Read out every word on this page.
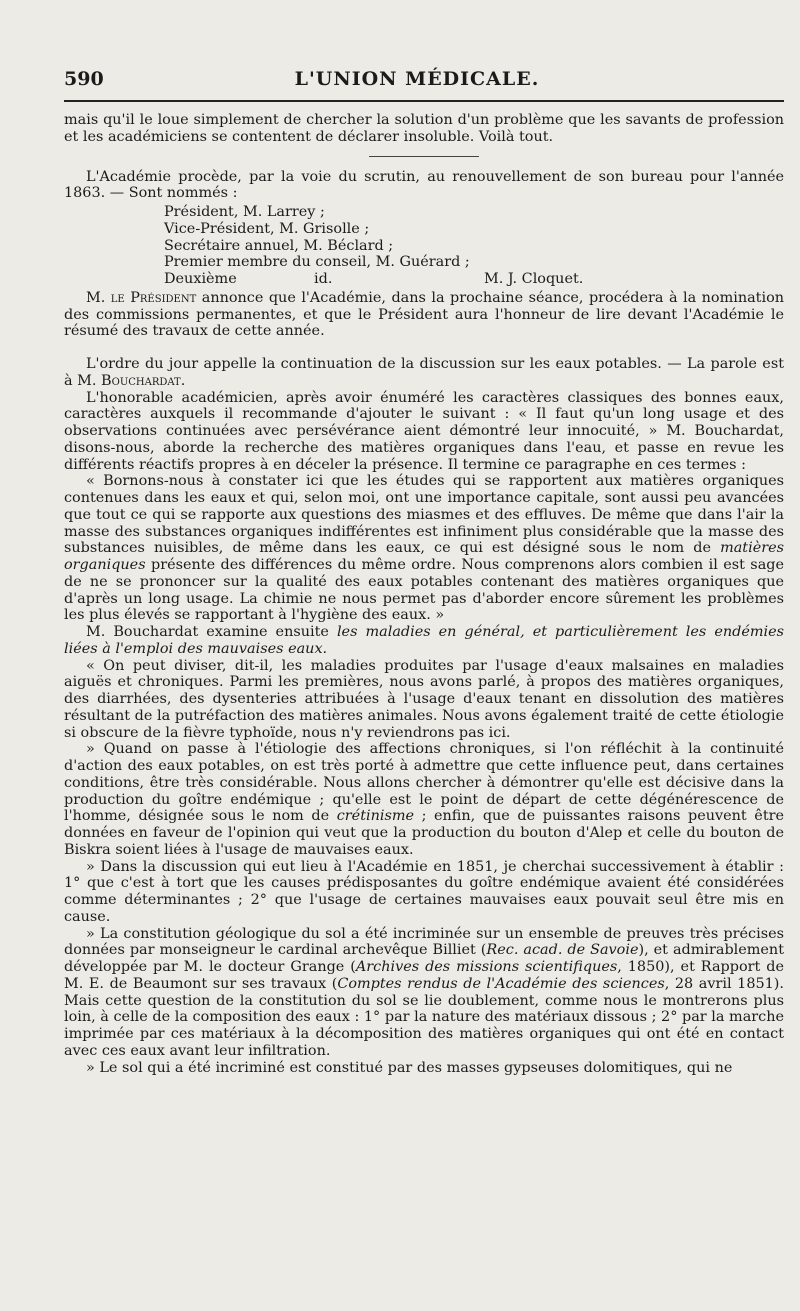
590	L'UNION MÉDICALE.

mais qu'il le loue simplement de chercher la solution d'un problème que les savants de profession et les académiciens se contentent de déclarer insoluble. Voilà tout.

L'Académie procède, par la voie du scrutin, au renouvellement de son bureau pour l'année 1863. — Sont nommés :

Président, M. Larrey ;
Vice-Président, M. Grisolle ;
Secrétaire annuel, M. Béclard ;
Premier membre du conseil, M. Guérard ;
Deuxième	id.	M. J. Cloquet.

M. le Président annonce que l'Académie, dans la prochaine séance, procédera à la nomination des commissions permanentes, et que le Président aura l'honneur de lire devant l'Académie le résumé des travaux de cette année.

L'ordre du jour appelle la continuation de la discussion sur les eaux potables. — La parole est à M. Bouchardat.

L'honorable académicien, après avoir énuméré les caractères classiques des bonnes eaux, caractères auxquels il recommande d'ajouter le suivant : « Il faut qu'un long usage et des observations continuées avec persévérance aient démontré leur innocuité, » M. Bouchardat, disons-nous, aborde la recherche des matières organiques dans l'eau, et passe en revue les différents réactifs propres à en déceler la présence. Il termine ce paragraphe en ces termes :

« Bornons-nous à constater ici que les études qui se rapportent aux matières organiques contenues dans les eaux et qui, selon moi, ont une importance capitale, sont aussi peu avancées que tout ce qui se rapporte aux questions des miasmes et des effluves. De même que dans l'air la masse des substances organiques indifférentes est infiniment plus considérable que la masse des substances nuisibles, de même dans les eaux, ce qui est désigné sous le nom de matières organiques présente des différences du même ordre. Nous comprenons alors combien il est sage de ne se prononcer sur la qualité des eaux potables contenant des matières organiques que d'après un long usage. La chimie ne nous permet pas d'aborder encore sûrement les problèmes les plus élevés se rapportant à l'hygiène des eaux. »

M. Bouchardat examine ensuite les maladies en général, et particulièrement les endémies liées à l'emploi des mauvaises eaux.

« On peut diviser, dit-il, les maladies produites par l'usage d'eaux malsaines en maladies aiguës et chroniques. Parmi les premières, nous avons parlé, à propos des matières organiques, des diarrhées, des dysenteries attribuées à l'usage d'eaux tenant en dissolution des matières résultant de la putréfaction des matières animales. Nous avons également traité de cette étiologie si obscure de la fièvre typhoïde, nous n'y reviendrons pas ici.

» Quand on passe à l'étiologie des affections chroniques, si l'on réfléchit à la continuité d'action des eaux potables, on est très porté à admettre que cette influence peut, dans certaines conditions, être très considérable. Nous allons chercher à démontrer qu'elle est décisive dans la production du goître endémique ; qu'elle est le point de départ de cette dégénérescence de l'homme, désignée sous le nom de crétinisme ; enfin, que de puissantes raisons peuvent être données en faveur de l'opinion qui veut que la production du bouton d'Alep et celle du bouton de Biskra soient liées à l'usage de mauvaises eaux.

» Dans la discussion qui eut lieu à l'Académie en 1851, je cherchai successivement à établir : 1° que c'est à tort que les causes prédisposantes du goître endémique avaient été considérées comme déterminantes ; 2° que l'usage de certaines mauvaises eaux pouvait seul être mis en cause.

» La constitution géologique du sol a été incriminée sur un ensemble de preuves très précises données par monseigneur le cardinal archevêque Billiet (Rec. acad. de Savoie), et admirablement développée par M. le docteur Grange (Archives des missions scientifiques, 1850), et Rapport de M. E. de Beaumont sur ses travaux (Comptes rendus de l'Académie des sciences, 28 avril 1851). Mais cette question de la constitution du sol se lie doublement, comme nous le montrerons plus loin, à celle de la composition des eaux : 1° par la nature des matériaux dissous ; 2° par la marche imprimée par ces matériaux à la décomposition des matières organiques qui ont été en contact avec ces eaux avant leur infiltration.

» Le sol qui a été incriminé est constitué par des masses gypseuses dolomitiques, qui ne
